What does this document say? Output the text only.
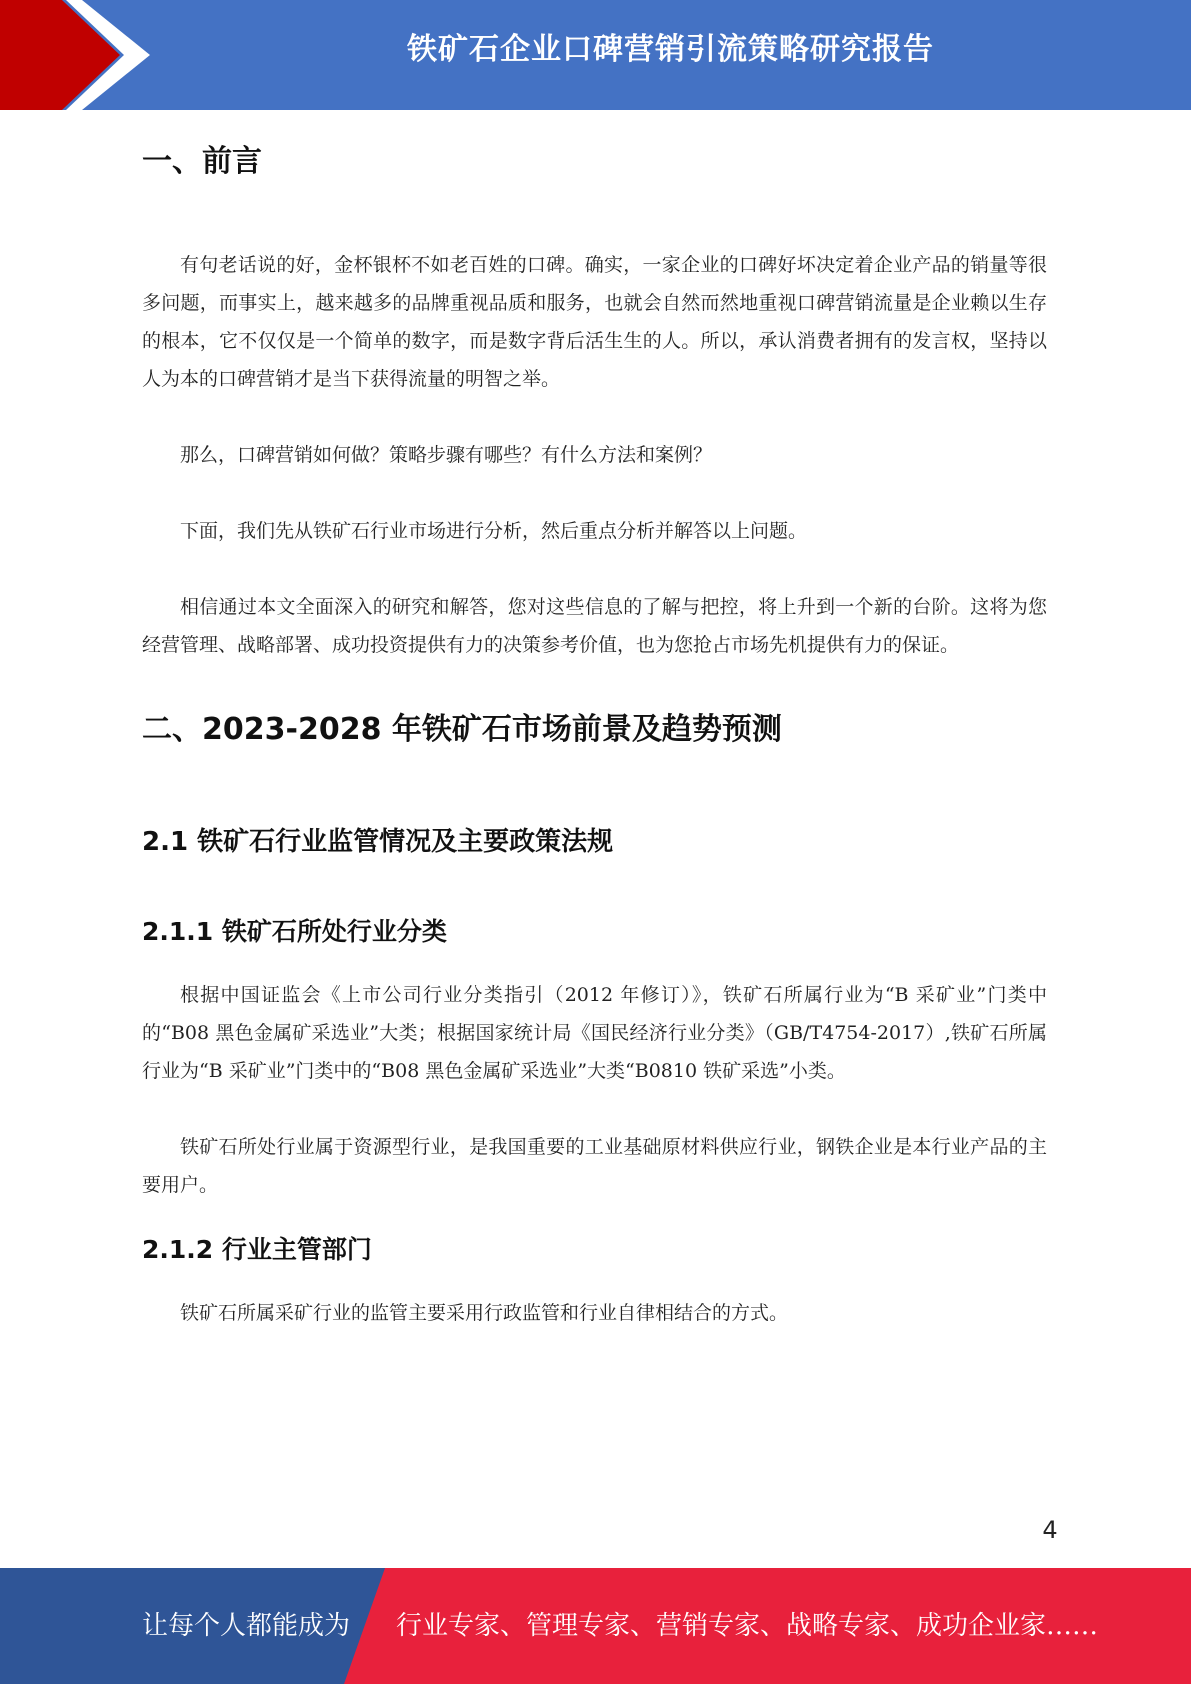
铁矿石企业口碑营销引流策略研究报告
一、前言

有句老话说的好，金杯银杯不如老百姓的口碑。确实，一家企业的口碑好坏决定着企业产品的销量等很多问题，而事实上，越来越多的品牌重视品质和服务，也就会自然而然地重视口碑营销流量是企业赖以生存的根本，它不仅仅是一个简单的数字，而是数字背后活生生的人。所以，承认消费者拥有的发言权，坚持以人为本的口碑营销才是当下获得流量的明智之举。

那么，口碑营销如何做？策略步骤有哪些？有什么方法和案例？

下面，我们先从铁矿石行业市场进行分析，然后重点分析并解答以上问题。

相信通过本文全面深入的研究和解答，您对这些信息的了解与把控，将上升到一个新的台阶。这将为您经营管理、战略部署、成功投资提供有力的决策参考价值，也为您抢占市场先机提供有力的保证。

二、2023-2028 年铁矿石市场前景及趋势预测
2.1 铁矿石行业监管情况及主要政策法规
2.1.1 铁矿石所处行业分类

根据中国证监会《上市公司行业分类指引（2012 年修订）》，铁矿石所属行业为“B 采矿业”门类中的“B08 黑色金属矿采选业”大类；根据国家统计局《国民经济行业分类》（GB/T4754-2017）,铁矿石所属行业为“B 采矿业”门类中的“B08 黑色金属矿采选业”大类“B0810 铁矿采选”小类。

铁矿石所处行业属于资源型行业，是我国重要的工业基础原材料供应行业，钢铁企业是本行业产品的主要用户。

2.1.2 行业主管部门

铁矿石所属采矿行业的监管主要采用行政监管和行业自律相结合的方式。

4
让每个人都能成为 行业专家、管理专家、营销专家、战略专家、成功企业家……
